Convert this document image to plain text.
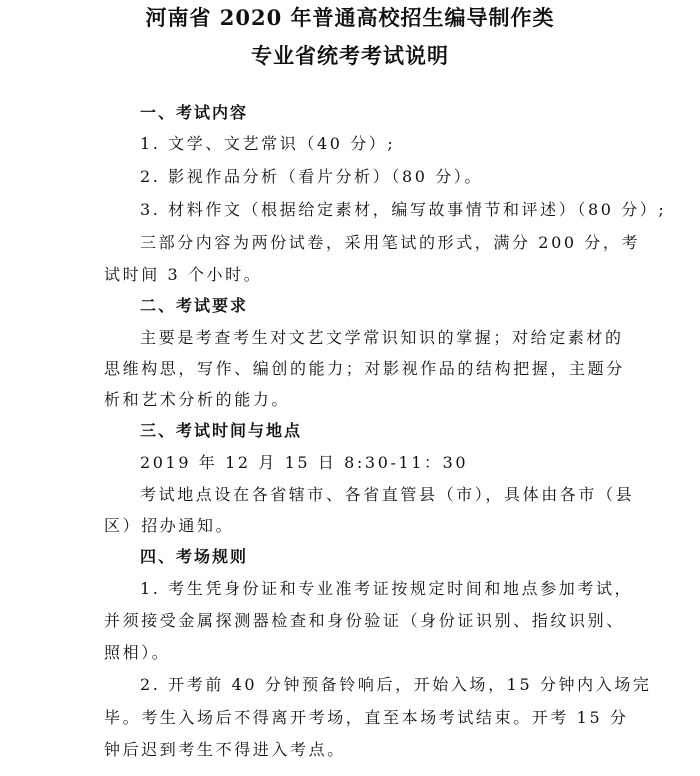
河南省 2020 年普通高校招生编导制作类
专业省统考考试说明
一、考试内容
1. 文学、文艺常识（40 分）;
2. 影视作品分析（看片分析）（80 分）。
3. 材料作文（根据给定素材，编写故事情节和评述）（80 分）;
三部分内容为两份试卷，采用笔试的形式，满分 200 分，考
试时间 3 个小时。
二、考试要求
主要是考查考生对文艺文学常识知识的掌握；对给定素材的
思维构思，写作、编创的能力；对影视作品的结构把握，主题分
析和艺术分析的能力。
三、考试时间与地点
2019 年 12 月 15 日 8:30-11：30
考试地点设在各省辖市、各省直管县（市），具体由各市（县
区）招办通知。
四、考场规则
1. 考生凭身份证和专业准考证按规定时间和地点参加考试，
并须接受金属探测器检查和身份验证（身份证识别、指纹识别、
照相）。
2. 开考前 40 分钟预备铃响后，开始入场，15 分钟内入场完
毕。考生入场后不得离开考场，直至本场考试结束。开考 15 分
钟后迟到考生不得进入考点。
